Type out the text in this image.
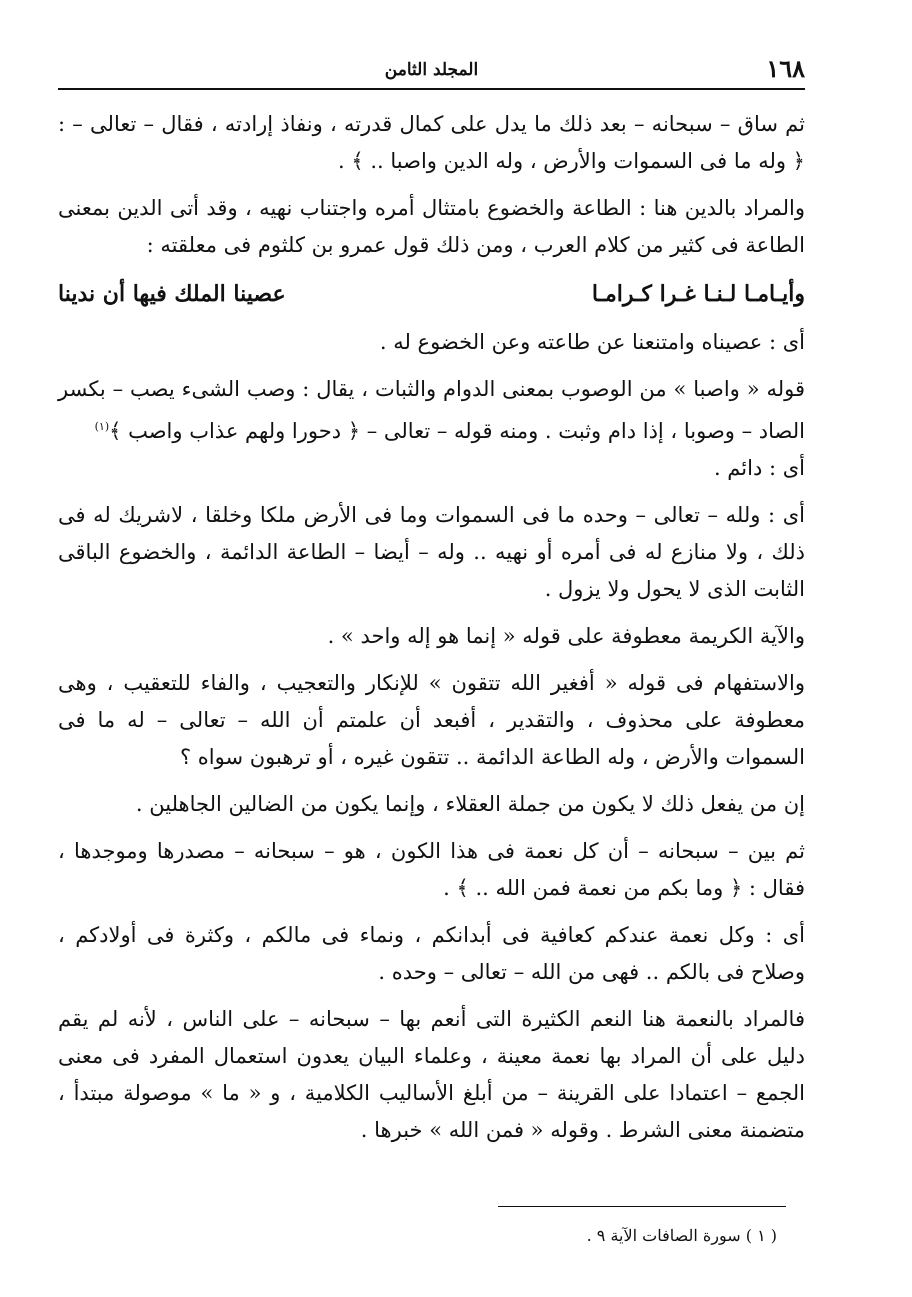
١٦٨
المجلد الثامن

ثم ساق – سبحانه – بعد ذلك ما يدل على كمال قدرته ، ونفاذ إرادته ، فقال – تعالى – : ﴿ وله ما فى السموات والأرض ، وله الدين واصبا .. ﴾ .

والمراد بالدين هنا : الطاعة والخضوع بامتثال أمره واجتناب نهيه ، وقد أتى الدين بمعنى الطاعة فى كثير من كلام العرب ، ومن ذلك قول عمرو بن كلثوم فى معلقته :

وأيـامـا لـنـا غـرا كـرامـا
عصينا الملك فيها أن ندينا

أى : عصيناه وامتنعنا عن طاعته وعن الخضوع له .

قوله « واصبا » من الوصوب بمعنى الدوام والثبات ، يقال : وصب الشىء يصب – بكسر الصاد – وصوبا ، إذا دام وثبت . ومنه قوله – تعالى – ﴿ دحورا ولهم عذاب واصب ﴾$^{(١)}$
أى : دائم .

أى : ولله – تعالى – وحده ما فى السموات وما فى الأرض ملكا وخلقا ، لاشريك له فى ذلك ، ولا منازع له فى أمره أو نهيه .. وله – أيضا – الطاعة الدائمة ، والخضوع الباقى الثابت الذى لا يحول ولا يزول .

والآية الكريمة معطوفة على قوله « إنما هو إله واحد » .

والاستفهام فى قوله « أفغير الله تتقون » للإنكار والتعجيب ، والفاء للتعقيب ، وهى معطوفة على محذوف ، والتقدير ، أفبعد أن علمتم أن الله – تعالى – له ما فى السموات والأرض ، وله الطاعة الدائمة .. تتقون غيره ، أو ترهبون سواه ؟

إن من يفعل ذلك لا يكون من جملة العقلاء ، وإنما يكون من الضالين الجاهلين .

ثم بين – سبحانه – أن كل نعمة فى هذا الكون ، هو – سبحانه – مصدرها وموجدها ، فقال : ﴿ وما بكم من نعمة فمن الله .. ﴾ .

أى : وكل نعمة عندكم كعافية فى أبدانكم ، ونماء فى مالكم ، وكثرة فى أولادكم ، وصلاح فى بالكم .. فهى من الله – تعالى – وحده .

فالمراد بالنعمة هنا النعم الكثيرة التى أنعم بها – سبحانه – على الناس ، لأنه لم يقم دليل على أن المراد بها نعمة معينة ، وعلماء البيان يعدون استعمال المفرد فى معنى الجمع – اعتمادا على القرينة – من أبلغ الأساليب الكلامية ، و « ما » موصولة مبتدأ ، متضمنة معنى الشرط . وقوله « فمن الله » خبرها .

( ١ ) سورة الصافات الآية ٩ .
